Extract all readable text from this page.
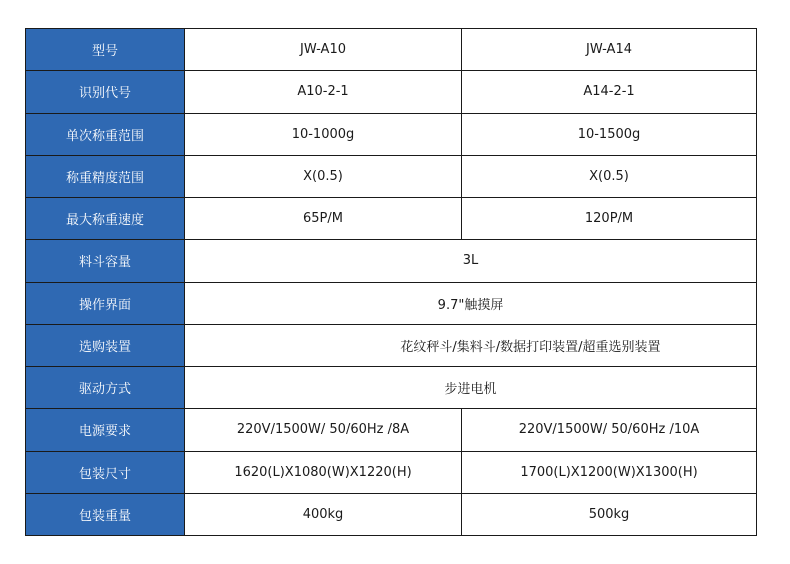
型号	JW-A10	JW-A14
识别代号	A10-2-1	A14-2-1
单次称重范围	10-1000g	10-1500g
称重精度范围	X(0.5)	X(0.5)
最大称重速度	65P/M	120P/M
料斗容量	3L	
操作界面	9.7"触摸屏	
选购装置	花纹秤斗/集料斗/数据打印装置/超重选别装置	
驱动方式	步进电机	
电源要求	220V/1500W/ 50/60Hz /8A	220V/1500W/ 50/60Hz /10A
包装尺寸	1620(L)X1080(W)X1220(H)	1700(L)X1200(W)X1300(H)
包装重量	400kg	500kg
